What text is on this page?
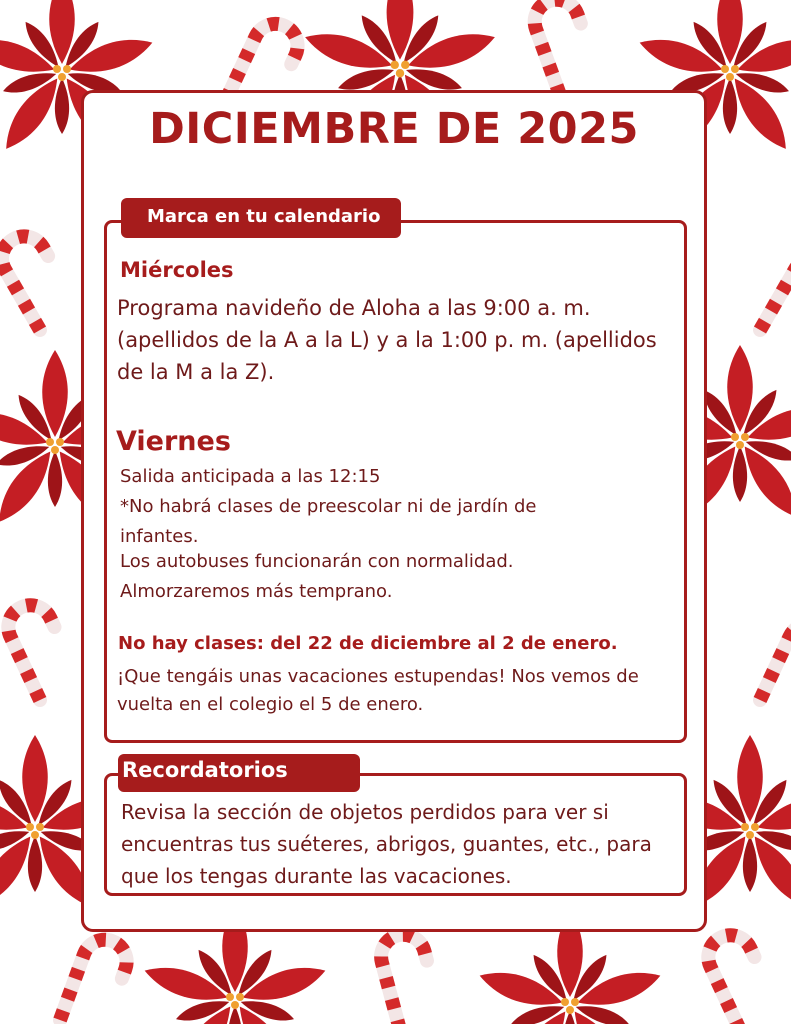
DICIEMBRE DE 2025
Marca en tu calendario

Miércoles

Programa navideño de Aloha a las 9:00 a. m. (apellidos de la A a la L) y a la 1:00 p. m. (apellidos de la M a la Z).

Viernes

Salida anticipada a las 12:15

*No habrá clases de preescolar ni de jardín de

infantes.

Los autobuses funcionarán con normalidad.

Almorzaremos más temprano.

No hay clases: del 22 de diciembre al 2 de enero.

¡Que tengáis unas vacaciones estupendas! Nos vemos de vuelta en el colegio el 5 de enero.

Recordatorios

Revisa la sección de objetos perdidos para ver si encuentras tus suéteres, abrigos, guantes, etc., para que los tengas durante las vacaciones.
